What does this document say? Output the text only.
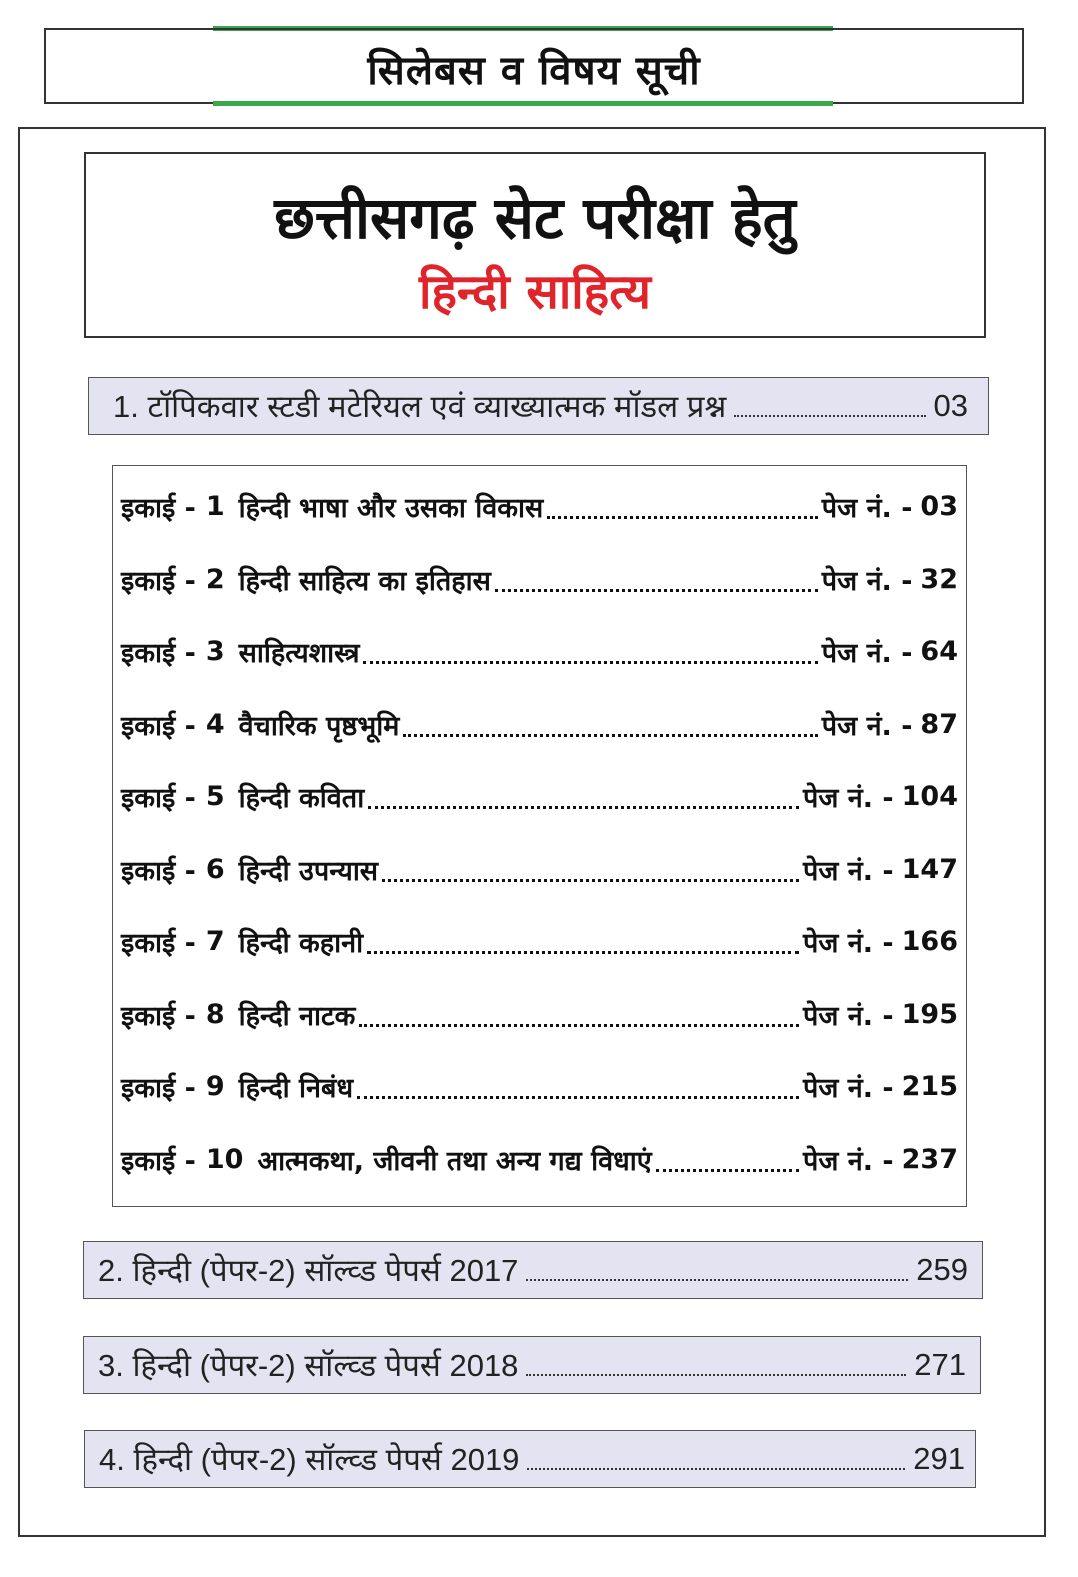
सिलेबस व विषय सूची
छत्तीसगढ़ सेट परीक्षा हेतु
हिन्दी साहित्य
1. टॉपिकवार स्टडी मटेरियल एवं व्याख्यात्मक मॉडल प्रश्न	03
इकाई - 1 हिन्दी भाषा और उसका विकास	पेज नं. - 03
इकाई - 2 हिन्दी साहित्य का इतिहास	पेज नं. - 32
इकाई - 3 साहित्यशास्त्र	पेज नं. - 64
इकाई - 4 वैचारिक पृष्ठभूमि	पेज नं. - 87
इकाई - 5 हिन्दी कविता	पेज नं. - 104
इकाई - 6 हिन्दी उपन्यास	पेज नं. - 147
इकाई - 7 हिन्दी कहानी	पेज नं. - 166
इकाई - 8 हिन्दी नाटक	पेज नं. - 195
इकाई - 9 हिन्दी निबंध	पेज नं. - 215
इकाई - 10 आत्मकथा, जीवनी तथा अन्य गद्य विधाएं	पेज नं. - 237
2. हिन्दी (पेपर-2) सॉल्व्ड पेपर्स 2017	259
3. हिन्दी (पेपर-2) सॉल्व्ड पेपर्स 2018	271
4. हिन्दी (पेपर-2) सॉल्व्ड पेपर्स 2019	291
